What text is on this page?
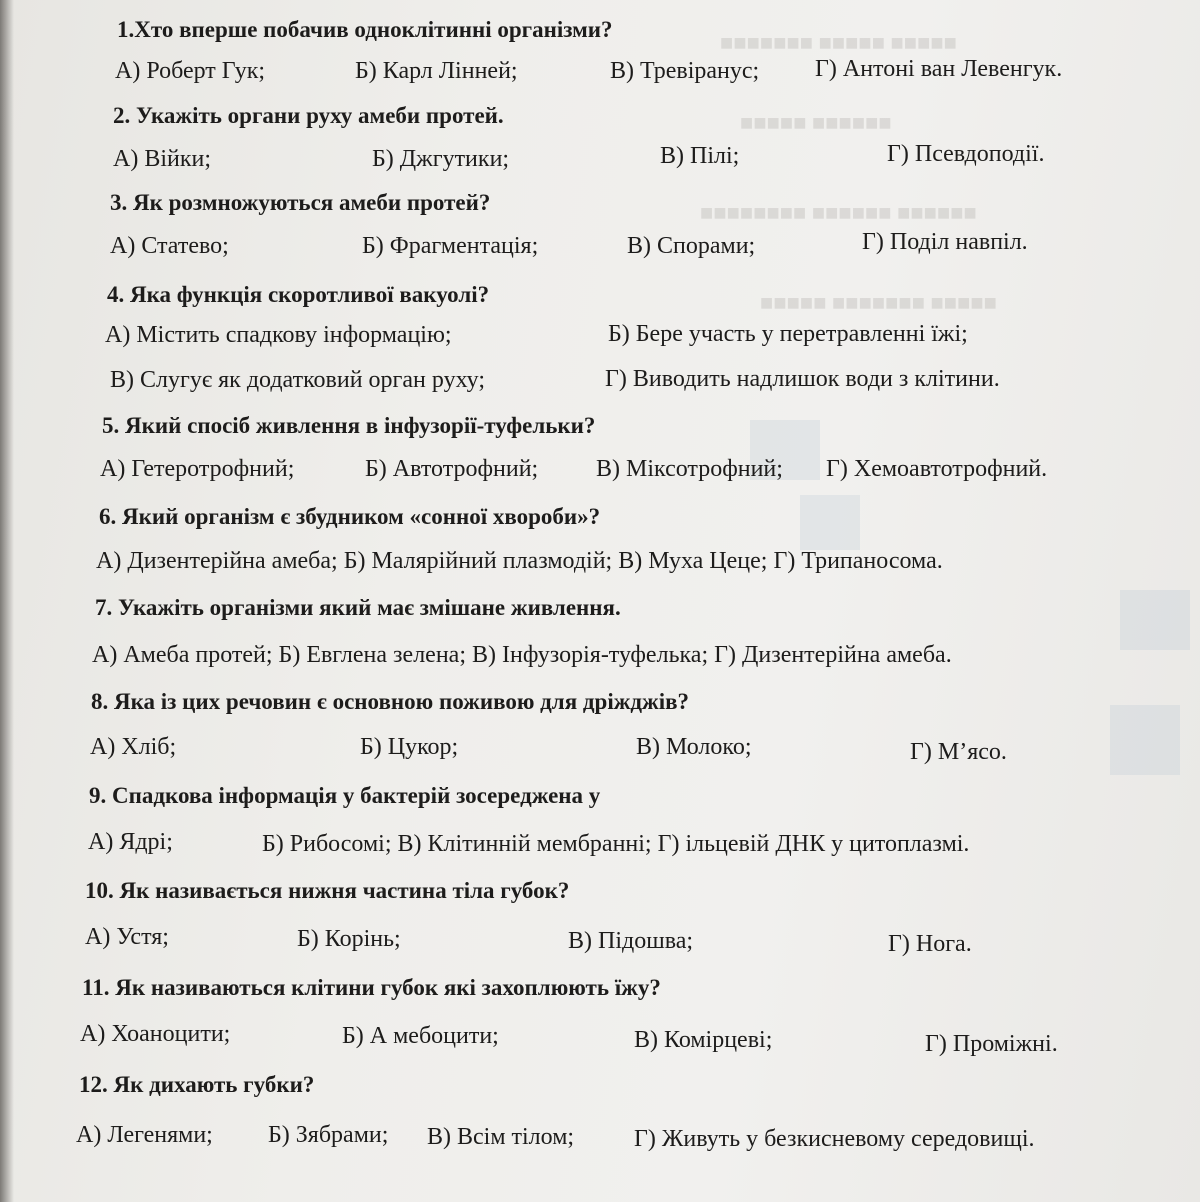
■■■■■ ■■■■■ ■■■■■■■
■■■■■■ ■■■■■
■■■■■■ ■■■■■■ ■■■■■■■■
■■■■■ ■■■■■■■ ■■■■■
1.Хто вперше побачив одноклітинні організми?
А) Роберт Гук;	Б) Карл Лінней;	В) Тревіранус; Г) Антоні ван Левенгук.
2. Укажіть органи руху амеби протей.
А) Війки;	Б) Джгутики;	В) Пілі;	Г) Псевдоподії.
3. Як розмножуються амеби протей?
А) Статево;	Б) Фрагментація;	В) Спорами;	Г) Поділ навпіл.
4. Яка функція скоротливої вакуолі?
А) Містить спадкову інформацію;	Б) Бере участь у перетравленні їжі;
В) Слугує як додатковий орган руху;	Г) Виводить надлишок води з клітини.
5. Який спосіб живлення в інфузорії-туфельки?
А) Гетеротрофний;	Б) Автотрофний; В) Міксотрофний; Г) Хемоавтотрофний.
6. Який організм є збудником «сонної хвороби»?
А) Дизентерійна амеба; Б) Малярійний плазмодій; В) Муха Цеце; Г) Трипаносома.
7. Укажіть організми який має змішане живлення.
А) Амеба протей; Б) Евглена зелена; В) Інфузорія-туфелька; Г) Дизентерійна амеба.
8. Яка із цих речовин є основною поживою для дріжджів?
А) Хліб;	Б) Цукор;	В) Молоко;	Г) М’ясо.
9. Спадкова інформація у бактерій зосереджена у
А) Ядрі;	Б) Рибосомі; В) Клітинній мембранні; Г) ільцевій ДНК у цитоплазмі.
10. Як називається нижня частина тіла губок?
А) Устя;	Б) Корінь;	В) Підошва;	Г) Нога.
11. Як називаються клітини губок які захоплюють їжу?
А) Хоаноцити;	Б) А мебоцити;	В) Комірцеві;	Г) Проміжні.
12. Як дихають губки?
А) Легенями; Б) Зябрами; В) Всім тілом; Г) Живуть у безкисневому середовищі.
